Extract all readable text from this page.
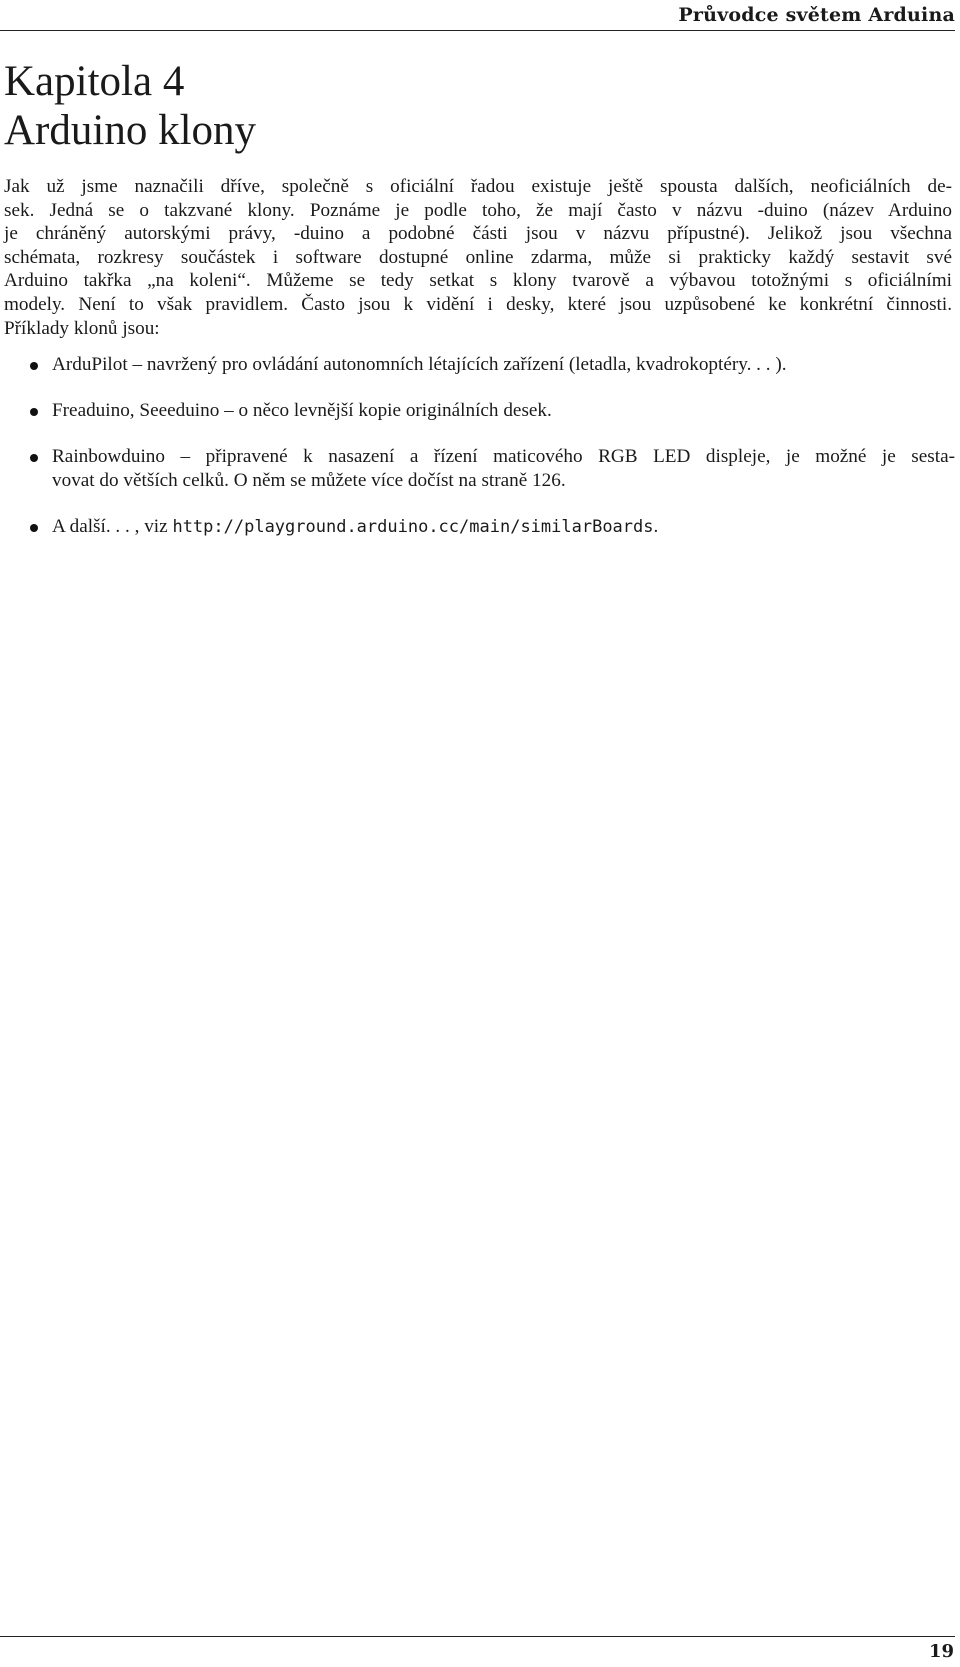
Průvodce světem Arduina
Kapitola 4
Arduino klony

Jak už jsme naznačili dříve, společně s oficiální řadou existuje ještě spousta dalších, neoficiálních de-
sek. Jedná se o takzvané klony. Poznáme je podle toho, že mají často v názvu -duino (název Arduino
je chráněný autorskými právy, -duino a podobné části jsou v názvu přípustné). Jelikož jsou všechna
schémata, rozkresy součástek i software dostupné online zdarma, může si prakticky každý sestavit své
Arduino takřka „na koleni“. Můžeme se tedy setkat s klony tvarově a výbavou totožnými s oficiálními
modely. Není to však pravidlem. Často jsou k vidění i desky, které jsou uzpůsobené ke konkrétní činnosti.
Příklady klonů jsou:

ArduPilot – navržený pro ovládání autonomních létajících zařízení (letadla, kvadrokoptéry. . . ).
Freaduino, Seeeduino – o něco levnější kopie originálních desek.
Rainbowduino – připravené k nasazení a řízení maticového RGB LED displeje, je možné je sesta-
vovat do větších celků. O něm se můžete více dočíst na straně 126.
A další. . . , viz http://playground.arduino.cc/main/similarBoards.
19
